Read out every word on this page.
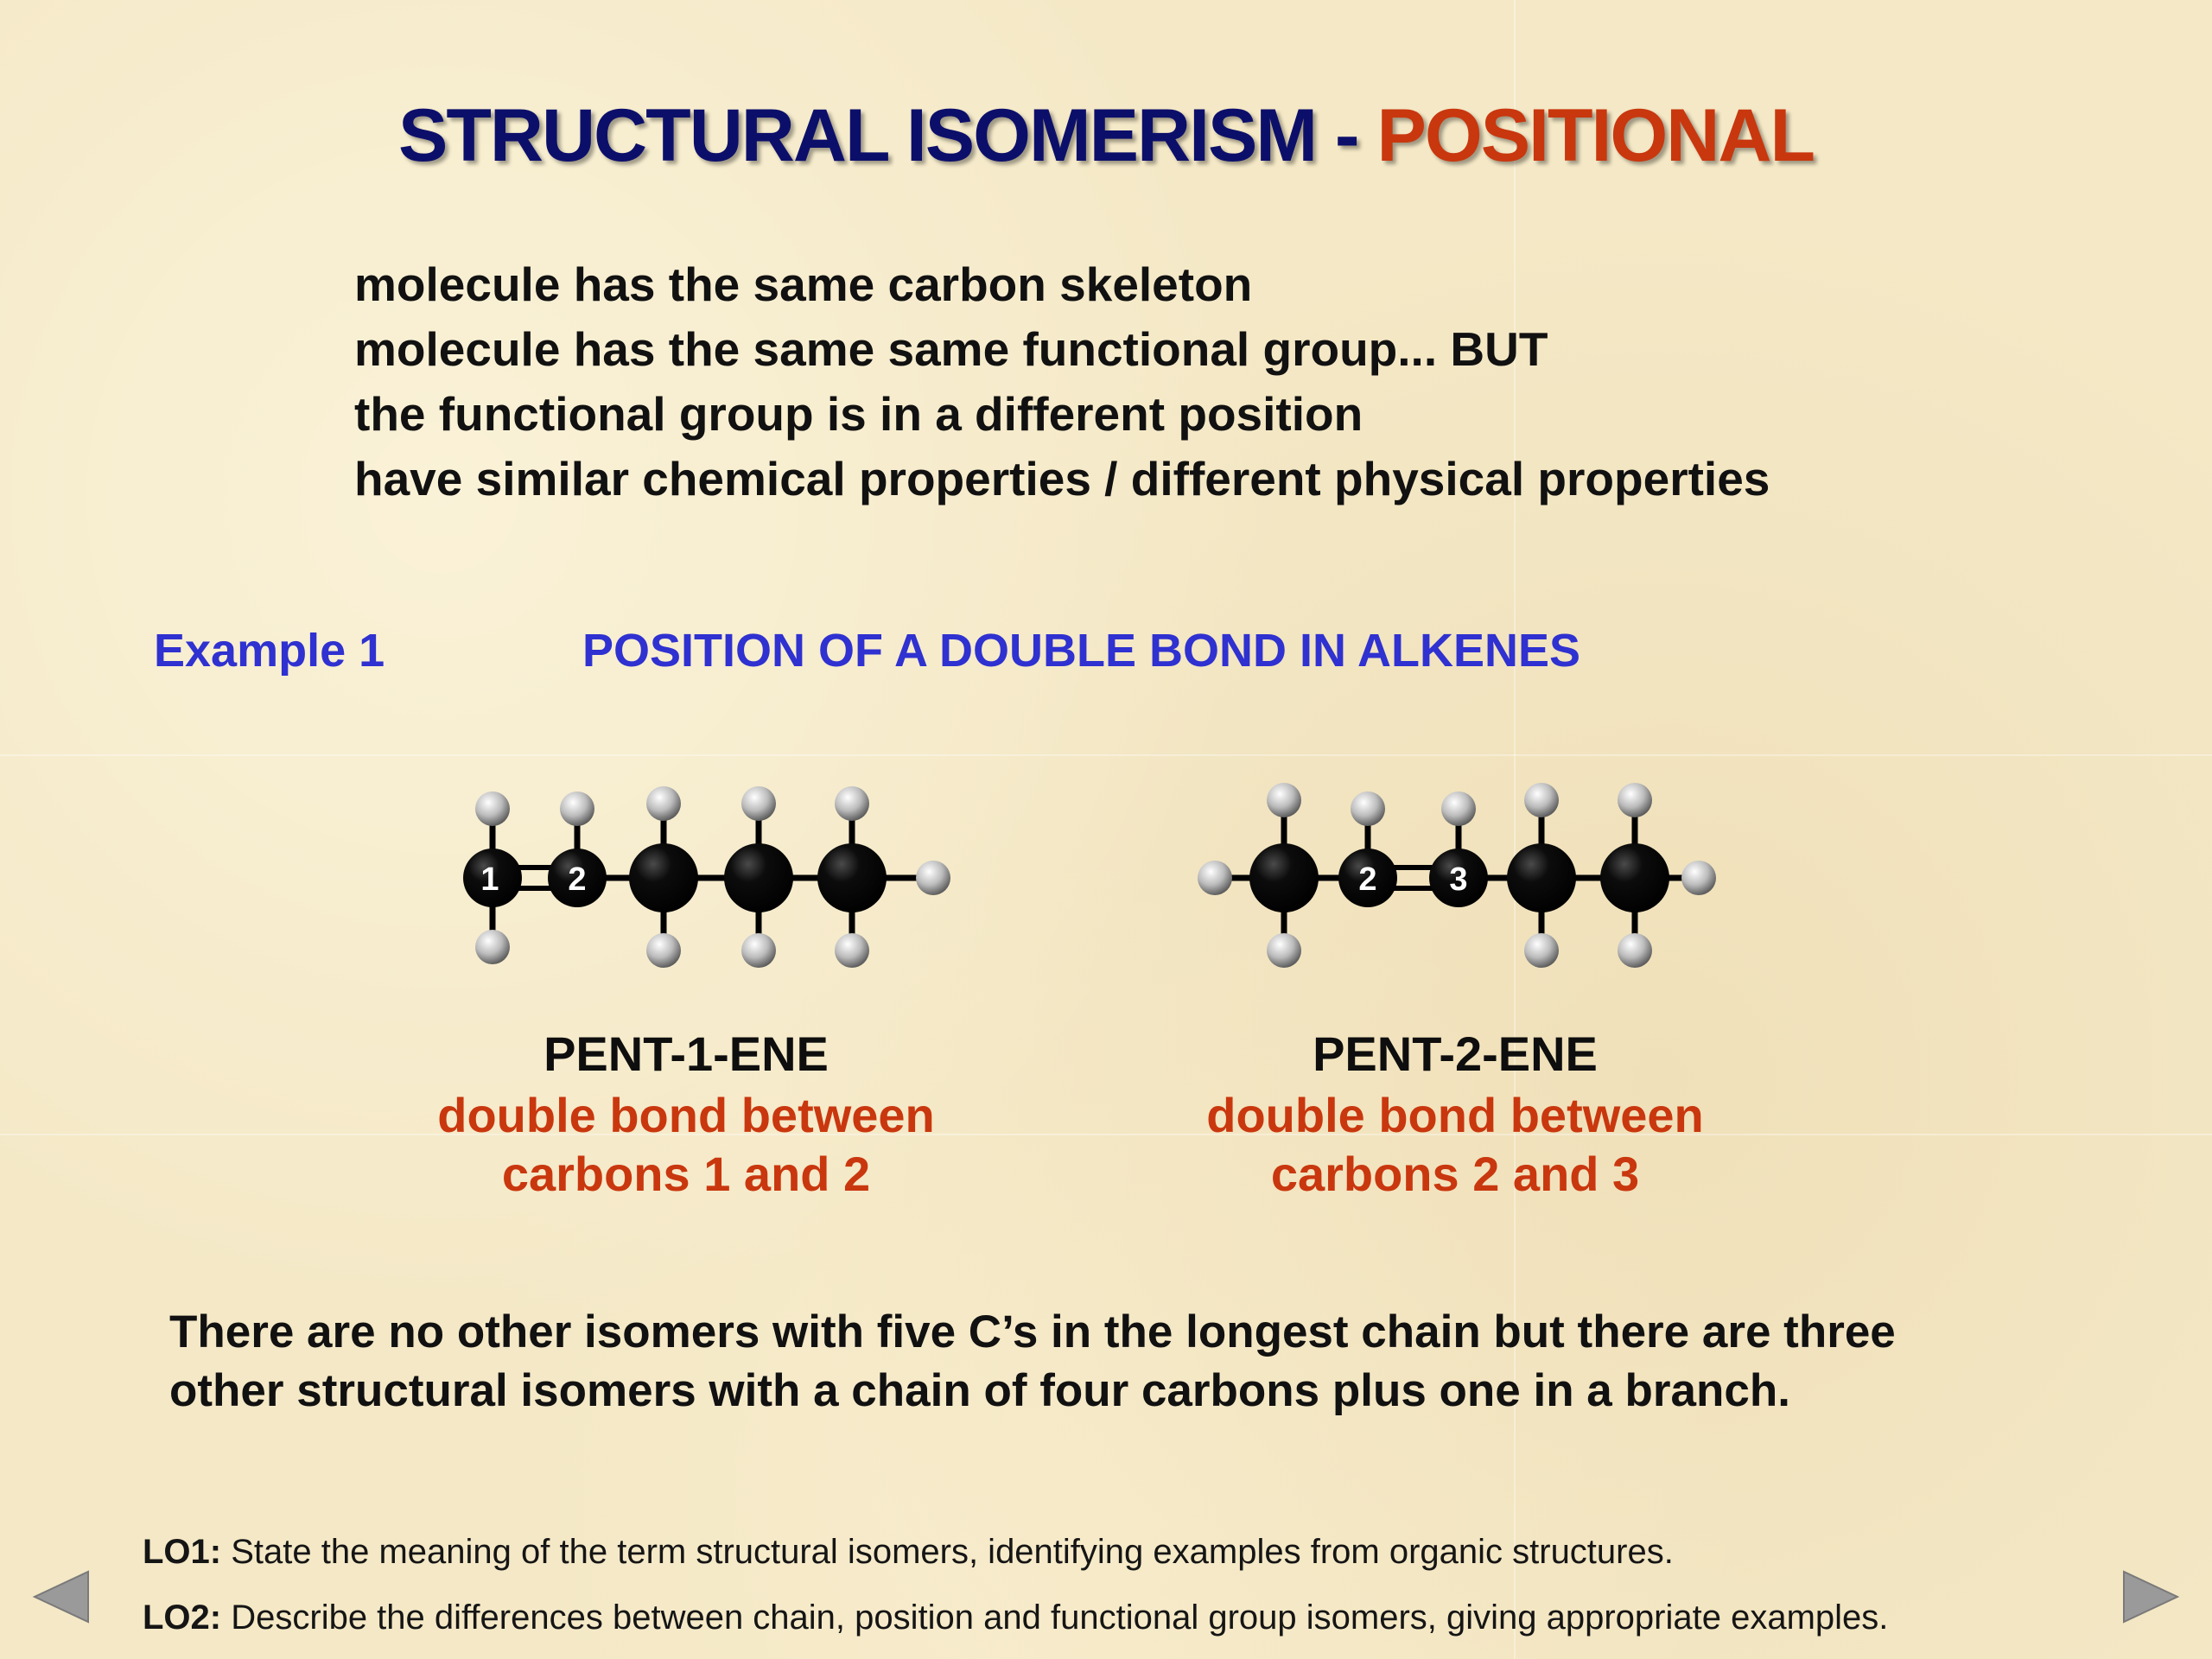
STRUCTURAL ISOMERISM - POSITIONAL
molecule has the same carbon skeleton
molecule has the same same functional group... BUT
the functional group is in a different position
have similar chemical properties / different physical properties
Example 1	POSITION OF A DOUBLE BOND IN ALKENES
1 2	2 3
PENT-1-ENE
double bond between
carbons 1 and 2
PENT-2-ENE
double bond between
carbons 2 and 3
There are no other isomers with five C’s in the longest chain but there are three
other structural isomers with a chain of four carbons plus one in a branch.
LO1: State the meaning of the term structural isomers, identifying examples from organic structures.
LO2: Describe the differences between chain, position and functional group isomers, giving appropriate examples.
